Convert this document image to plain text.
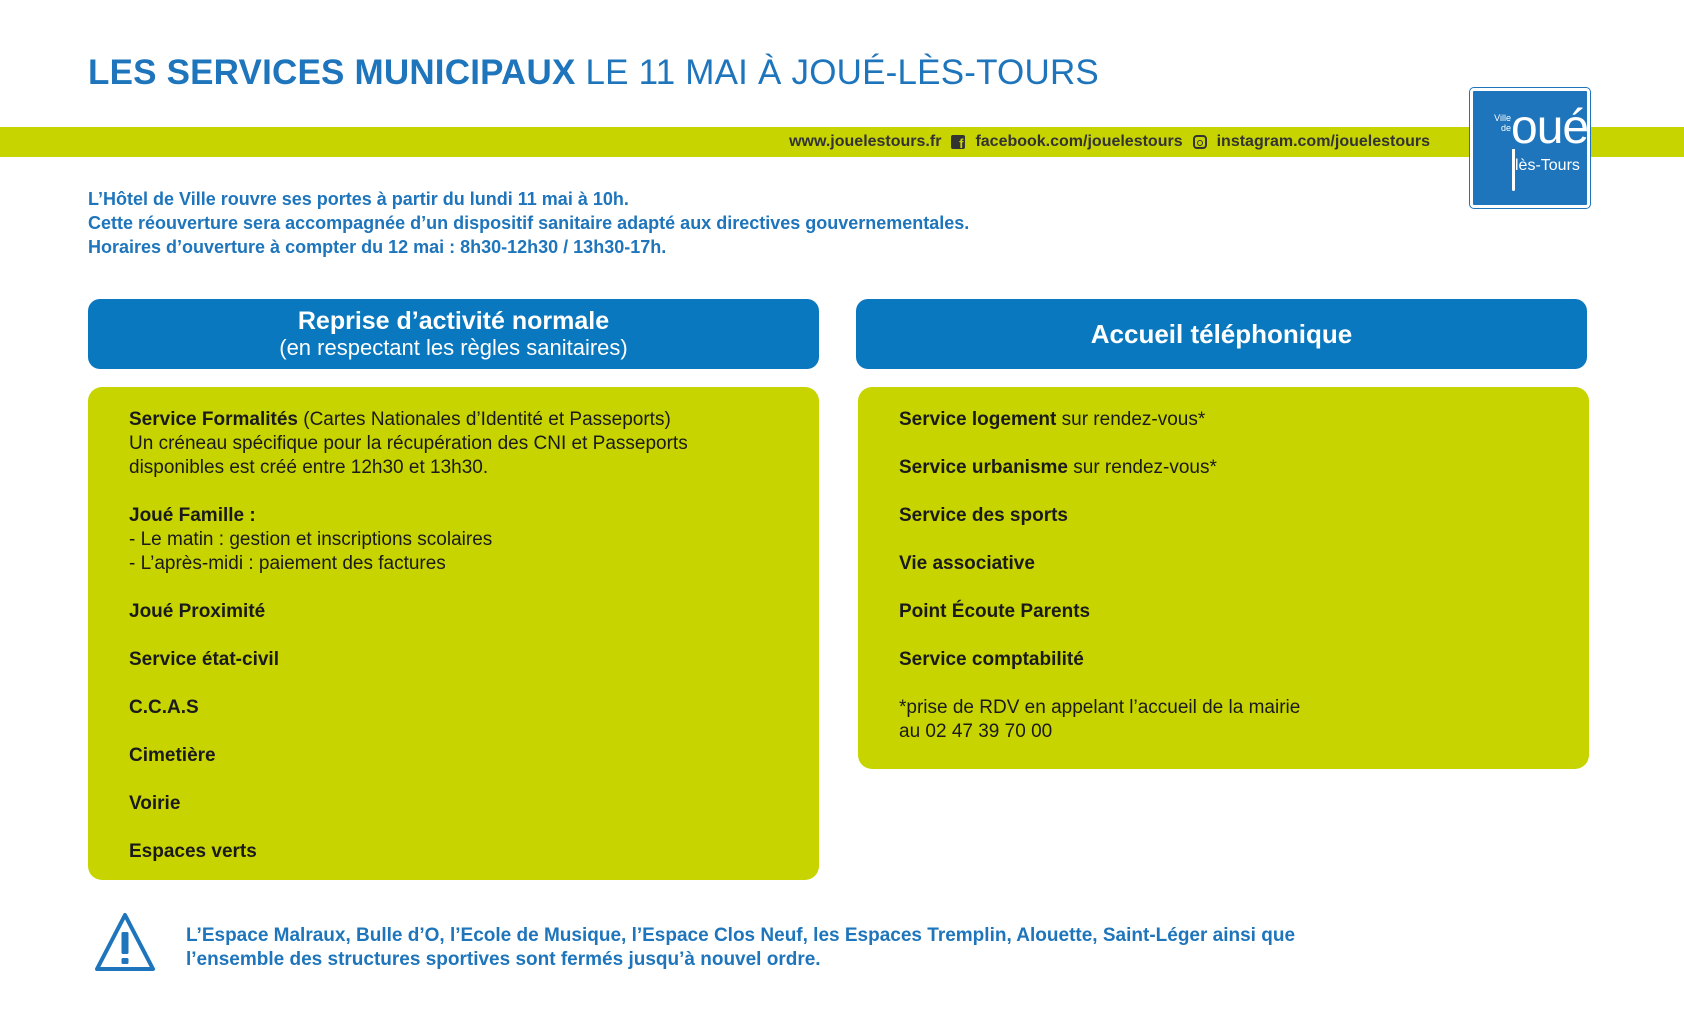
LES SERVICES MUNICIPAUX LE 11 MAI À JOUÉ-LÈS-TOURS
www.jouelestours.fr
f facebook.com/jouelestours instagram.com/jouelestours
Ville
de oué
lès-Tours
L’Hôtel de Ville rouvre ses portes à partir du lundi 11 mai à 10h.
Cette réouverture sera accompagnée d’un dispositif sanitaire adapté aux directives gouvernementales.
Horaires d’ouverture à compter du 12 mai : 8h30-12h30 / 13h30-17h.
Reprise d’activité normale
(en respectant les règles sanitaires)	Accueil téléphonique
Service Formalités (Cartes Nationales d’Identité et Passeports)
Un créneau spécifique pour la récupération des CNI et Passeports
disponibles est créé entre 12h30 et 13h30.
Joué Famille :
- Le matin : gestion et inscriptions scolaires
- L’après-midi : paiement des factures
Joué Proximité
Service état-civil
C.C.A.S
Cimetière
Voirie
Espaces verts
Service logement sur rendez-vous*
Service urbanisme sur rendez-vous*
Service des sports
Vie associative
Point Écoute Parents
Service comptabilité
*prise de RDV en appelant l’accueil de la mairie
au 02 47 39 70 00
L’Espace Malraux, Bulle d’O, l’Ecole de Musique, l’Espace Clos Neuf, les Espaces Tremplin, Alouette, Saint-Léger ainsi que
l’ensemble des structures sportives sont fermés jusqu’à nouvel ordre.
